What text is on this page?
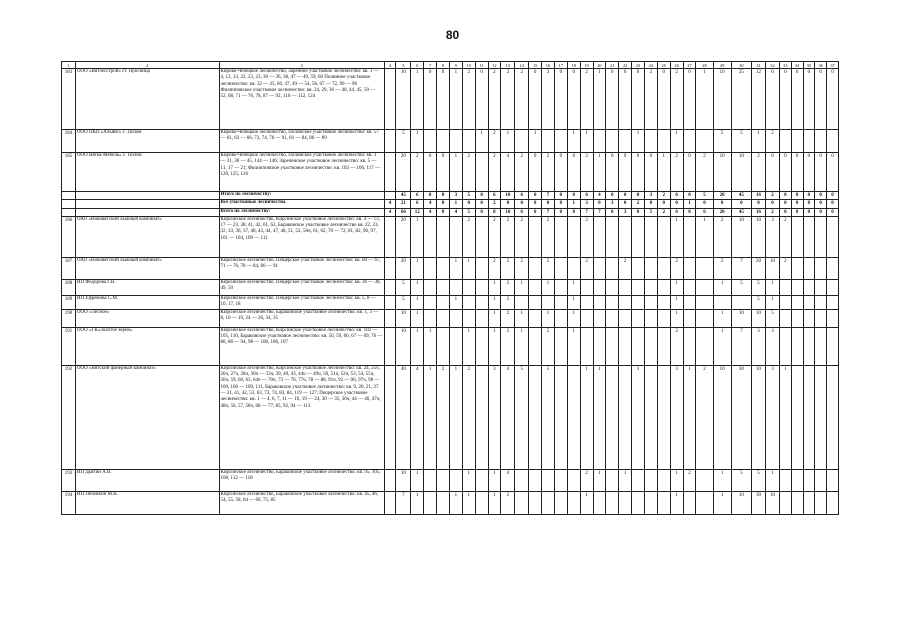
80
1	2	3	4	5	6	7	8	9	10	11	12	13	14	15	16	17	18	19	20	21	22	23	24	25	26	27	28	29	30	31	32	33	34	35	36	37
183	ООО «Вятлесстрой» ст. Просница	Кирово-Чепецкое лесничество, Заречное участковое лесничество: кв. 1 — 4, 12, 13, 22, 23, 23, 30 — 36, 38, 47 — 49, 59, 60 Полинное участковое лесничество: кв. 32 — 35, 66, 47, 49 — 54, 56, 67 — 72, 90 — 96 Филипповское участковое лесничество: кв. 24, 29, 36 — 40, 44, 45, 50 — 52, 68, 71 — 76, 78, 87 — 92, 110 — 112, 124		10	1	0	0	1	2	0	2	2	2	0	3	0	0	2	1	0	0	0	2	0	2	0	1	10	25	12	0	0	0	0	0	0
184	ООО ПКП «Альянс» с. Полом	Кирово-Чепецкое лесничество, Поломское участковое лесничество: кв. 57 — 61, 63 — 66, 73, 74, 76 — 91, 81 — 84, 86 — 89		5	1					1	2	1		1			1	1				1			1			5	5	1	2					
185	ООО Вятка-Мебель» с. Полом	Кирово-Чепецкое лесничество, Поломское участковое лесничество: кв. 1 — 31, 36 — 45, 144 — 146; Зареченское участковое лесничество: кв. 5 — 11, 17 — 21; Филипповское участковое лесничество: кв. 102 — 106, 117 — 120, 125, 126		20	2	0	0	1	2		2	4	2	0	2	0	0	2	1	0	0	0	0	1	2	0	2	10	10	2	0	0	0	0	0	0
		Итого по лесничеству:		45	6	0	0	3	5	0	6	10	6	0	7	0	0	6	4	0	0	0	3	2	6	0	5	20	45	16	2	0	0	0	0	0
		Все участковые лесничества	4	21	6	4	0	1	0	0	2	0	0	0	0	0	1	3	0	3	0	2	0	0	0	1	0	0	0	0	0	0	0	0	0	0
		Всего по лесничеству:	4	66	12	4	0	4	5	0	8	10	6	0	7	0	0	7	7	0	3	0	5	2	6	0	6	20	45	16	2	0	0	0	0	0
186	ОАО «Нововятский лыжный комбинат»	Кирсинское лесничество, Кирсинское участковое лесничество: кв. 4 — 13, 17 — 23, 38, 41, 42, 61, 62, Бараковское участковое лесничество кв. 22, 23, 32, 33, 36, 37, 40, 43, 44, 47, 48, 51, 52, 56ч, 61, 62, 70 — 72, 81, 82, 96, 97, 101 — 104, 109 — 111		20	1				2		2	2	2		2			2							1		1	2	10	10	3	2				
187	ОАО «Нововятский лыжный комбинат»	Кирсинское лесничество, Пещерское участковое лесничество: кв. 60 — 67, 71 — 76, 78 — 84, 86 — 91		20	1			1	1		2	2	2		2			2			2				2			2	7	20	10	2				
188	ИП Федорова Г.В.	Кирсинское лесничество, Пещерское участковое лесничество: кв. 36 — 38, 49, 50		5	1						1	2	1		1		1								1			1	5	5	1					
189	ИП Ефремова С.М.	Кирсинское лесничество, Пещерское участковое лесничество: кв. 5, 8 — 10, 17, 18		5	1			1			1	2					1								1					5	1					
190	ООО «Лесное»	Кирсинское лесничество, Бараковское участковое лесничество: кв. 1, 3 — 8, 10 — 19, 24 — 26, 34, 35		10	1						1	2	1		1		1								1			1	10	10	5					
191	ООО «ГК«Золотое зерно»	Кирсинское лесничество, Кирсинское участковое лесничество: кв. 102 — 105, 110, Бараковское участковое лесничество: кв. 50, 59, 60, 67 — 69, 76 — 80, 86 — 94, 98 — 100, 106, 107		10	1	1			1		1	2	1		5		1								2			1	7	3	3					
192	ООО «Вятский фанерный комбинат»	Кирсинское лесничество, Кирсинское участковое лесничество: кв. 24, 25ч, 26ч, 27ч, 28ч, 30ч — 33ч, 39, 40, 43, 44ч — 49ч, 50, 51ч, 52ч, 53, 54, 55ч, 56ч, 59, 60, 63, 64ч — 70ч, 73 — 76, 77ч, 78 — 88, 91ч, 92 — 96, 97ч, 98 — 100, 106 — 109, 111, Бараковское участковое лесничество: кв. 9, 20, 21, 27 — 31, 41, 42, 53, 63, 73, 74, 83, 84, 119 — 127; Пещерское участковое лесничество: кв. 1 — 4, 6, 7, 11 — 16, 19 — 24, 30 — 35, 36ч, 44 — 46, 47ч, 48ч, 56, 57, 58ч, 68 — 77, 85, 92, 94 — 113		40	4	1	2	1	2		3	4	5		5			1	1			3			3	1	2	10	30	10	3	1				
193	ИП Дьятин А.В.	Кирсинское лесничество, Бараковское участковое лесничество: кв. 95, 105, 108, 112 — 118		10	1				1		1	4						2	1		1				1	2		1	5	5	1					
194	ИП Печенкин М.В.	Кирсинское лесничество, Бараковское участковое лесничество: кв. 45, 46, 54, 55, 58, 64 — 66, 75, 85		7	1			1	1		1	2						1							1			1	10	30	10					
